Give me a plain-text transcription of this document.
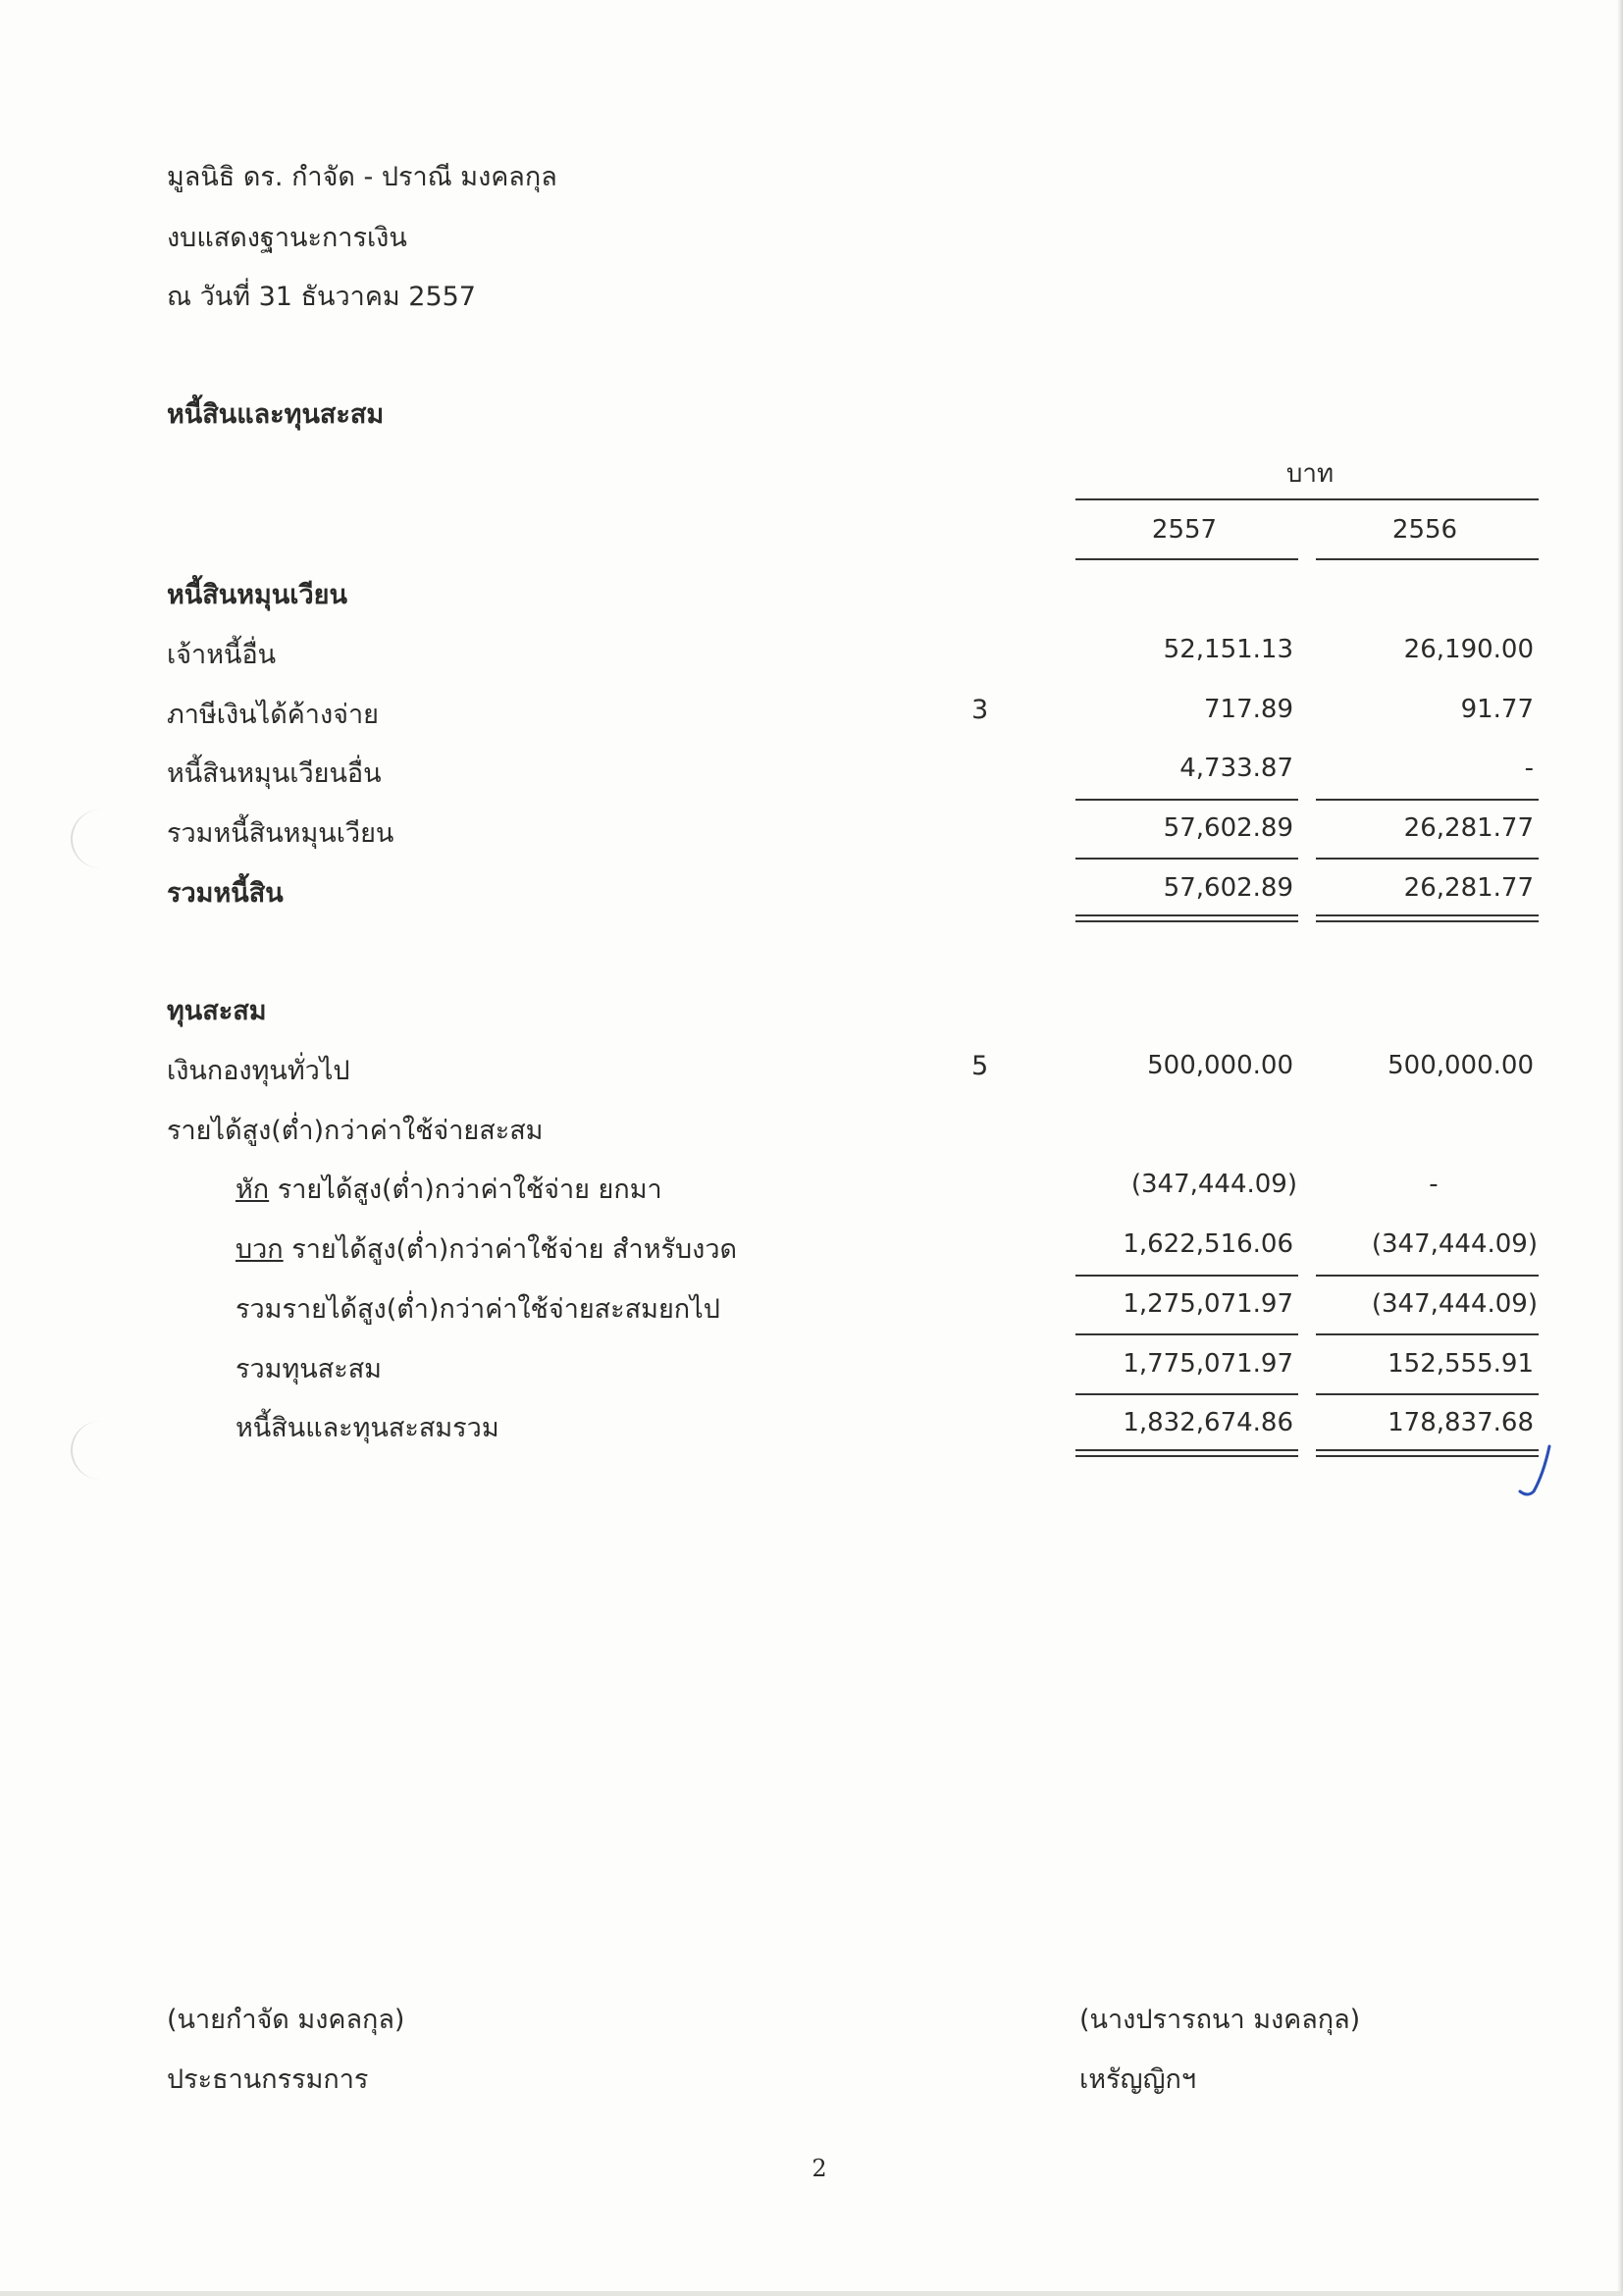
มูลนิธิ ดร. กำจัด - ปราณี มงคลกุล
งบแสดงฐานะการเงิน
ณ วันที่ 31 ธันวาคม 2557
หนี้สินและทุนสะสม
บาท
2557	2556
หนี้สินหมุนเวียน
เจ้าหนี้อื่น	52,151.13	26,190.00
ภาษีเงินได้ค้างจ่าย	3	717.89	91.77
หนี้สินหมุนเวียนอื่น	4,733.87	-
รวมหนี้สินหมุนเวียน	57,602.89	26,281.77
รวมหนี้สิน	57,602.89	26,281.77
ทุนสะสม
เงินกองทุนทั่วไป	5	500,000.00	500,000.00
รายได้สูง(ต่ำ)กว่าค่าใช้จ่ายสะสม
หัก รายได้สูง(ต่ำ)กว่าค่าใช้จ่าย ยกมา	(347,444.09)	-
บวก รายได้สูง(ต่ำ)กว่าค่าใช้จ่าย สำหรับงวด	1,622,516.06	(347,444.09)
รวมรายได้สูง(ต่ำ)กว่าค่าใช้จ่ายสะสมยกไป	1,275,071.97	(347,444.09)
รวมทุนสะสม	1,775,071.97	152,555.91
หนี้สินและทุนสะสมรวม	1,832,674.86	178,837.68
(นายกำจัด มงคลกุล)
ประธานกรรมการ
(นางปรารถนา มงคลกุล)
เหรัญญิกฯ
2
